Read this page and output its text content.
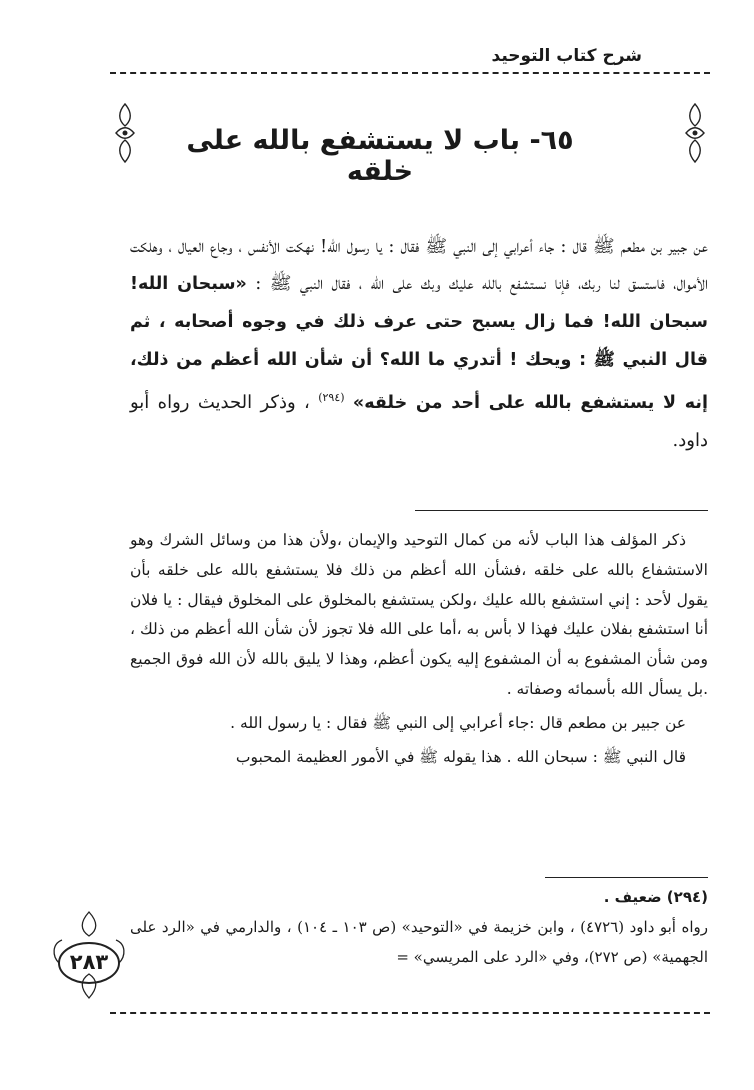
شرح كتاب التوحيد
٦٥- باب لا يستشفع بالله على خلقه
عن جبير بن مطعم ﷺ قال : جاء أعرابي إلى النبي ﷺ فقال : يا رسول الله! نهكت الأنفس ، وجاع العيال ، وهلكت الأموال، فاستسق لنا ربك، فإنا نستشفع بالله عليك وبك على الله ، فقال النبي ﷺ : «سبحان الله! سبحان الله! فما زال يسبح حتى عرف ذلك في وجوه أصحابه ، ثم قال النبي ﷺ : ويحك ! أتدري ما الله؟ أن شأن الله أعظم من ذلك، إنه لا يستشفع بالله على أحد من خلقه» $^{(٢٩٤)}$ ، وذكر الحديث رواه أبو داود.

ذكر المؤلف هذا الباب لأنه من كمال التوحيد والإيمان ،ولأن هذا من وسائل الشرك وهو الاستشفاع بالله على خلقه ،فشأن الله أعظم من ذلك فلا يستشفع بالله على خلقه بأن يقول لأحد : إني استشفع بالله عليك ،ولكن يستشفع بالمخلوق على المخلوق فيقال : يا فلان أنا استشفع بفلان عليك فهذا لا بأس به ،أما على الله فلا تجوز لأن شأن الله أعظم من ذلك ، ومن شأن المشفوع به أن المشفوع إليه يكون أعظم، وهذا لا يليق بالله لأن الله فوق الجميع .بل يسأل الله بأسمائه وصفاته .

عن جبير بن مطعم قال :جاء أعرابي إلى النبي ﷺ فقال : يا رسول الله .

قال النبي ﷺ : سبحان الله . هذا يقوله ﷺ في الأمور العظيمة المحبوب

(٢٩٤) ضعيف .

رواه أبو داود (٤٧٢٦) ، وابن خزيمة في «التوحيد» (ص ١٠٣ ـ ١٠٤) ، والدارمي في «الرد على الجهمية» (ص ٢٧٢)، وفي «الرد على المريسي» =

٢٨٣
